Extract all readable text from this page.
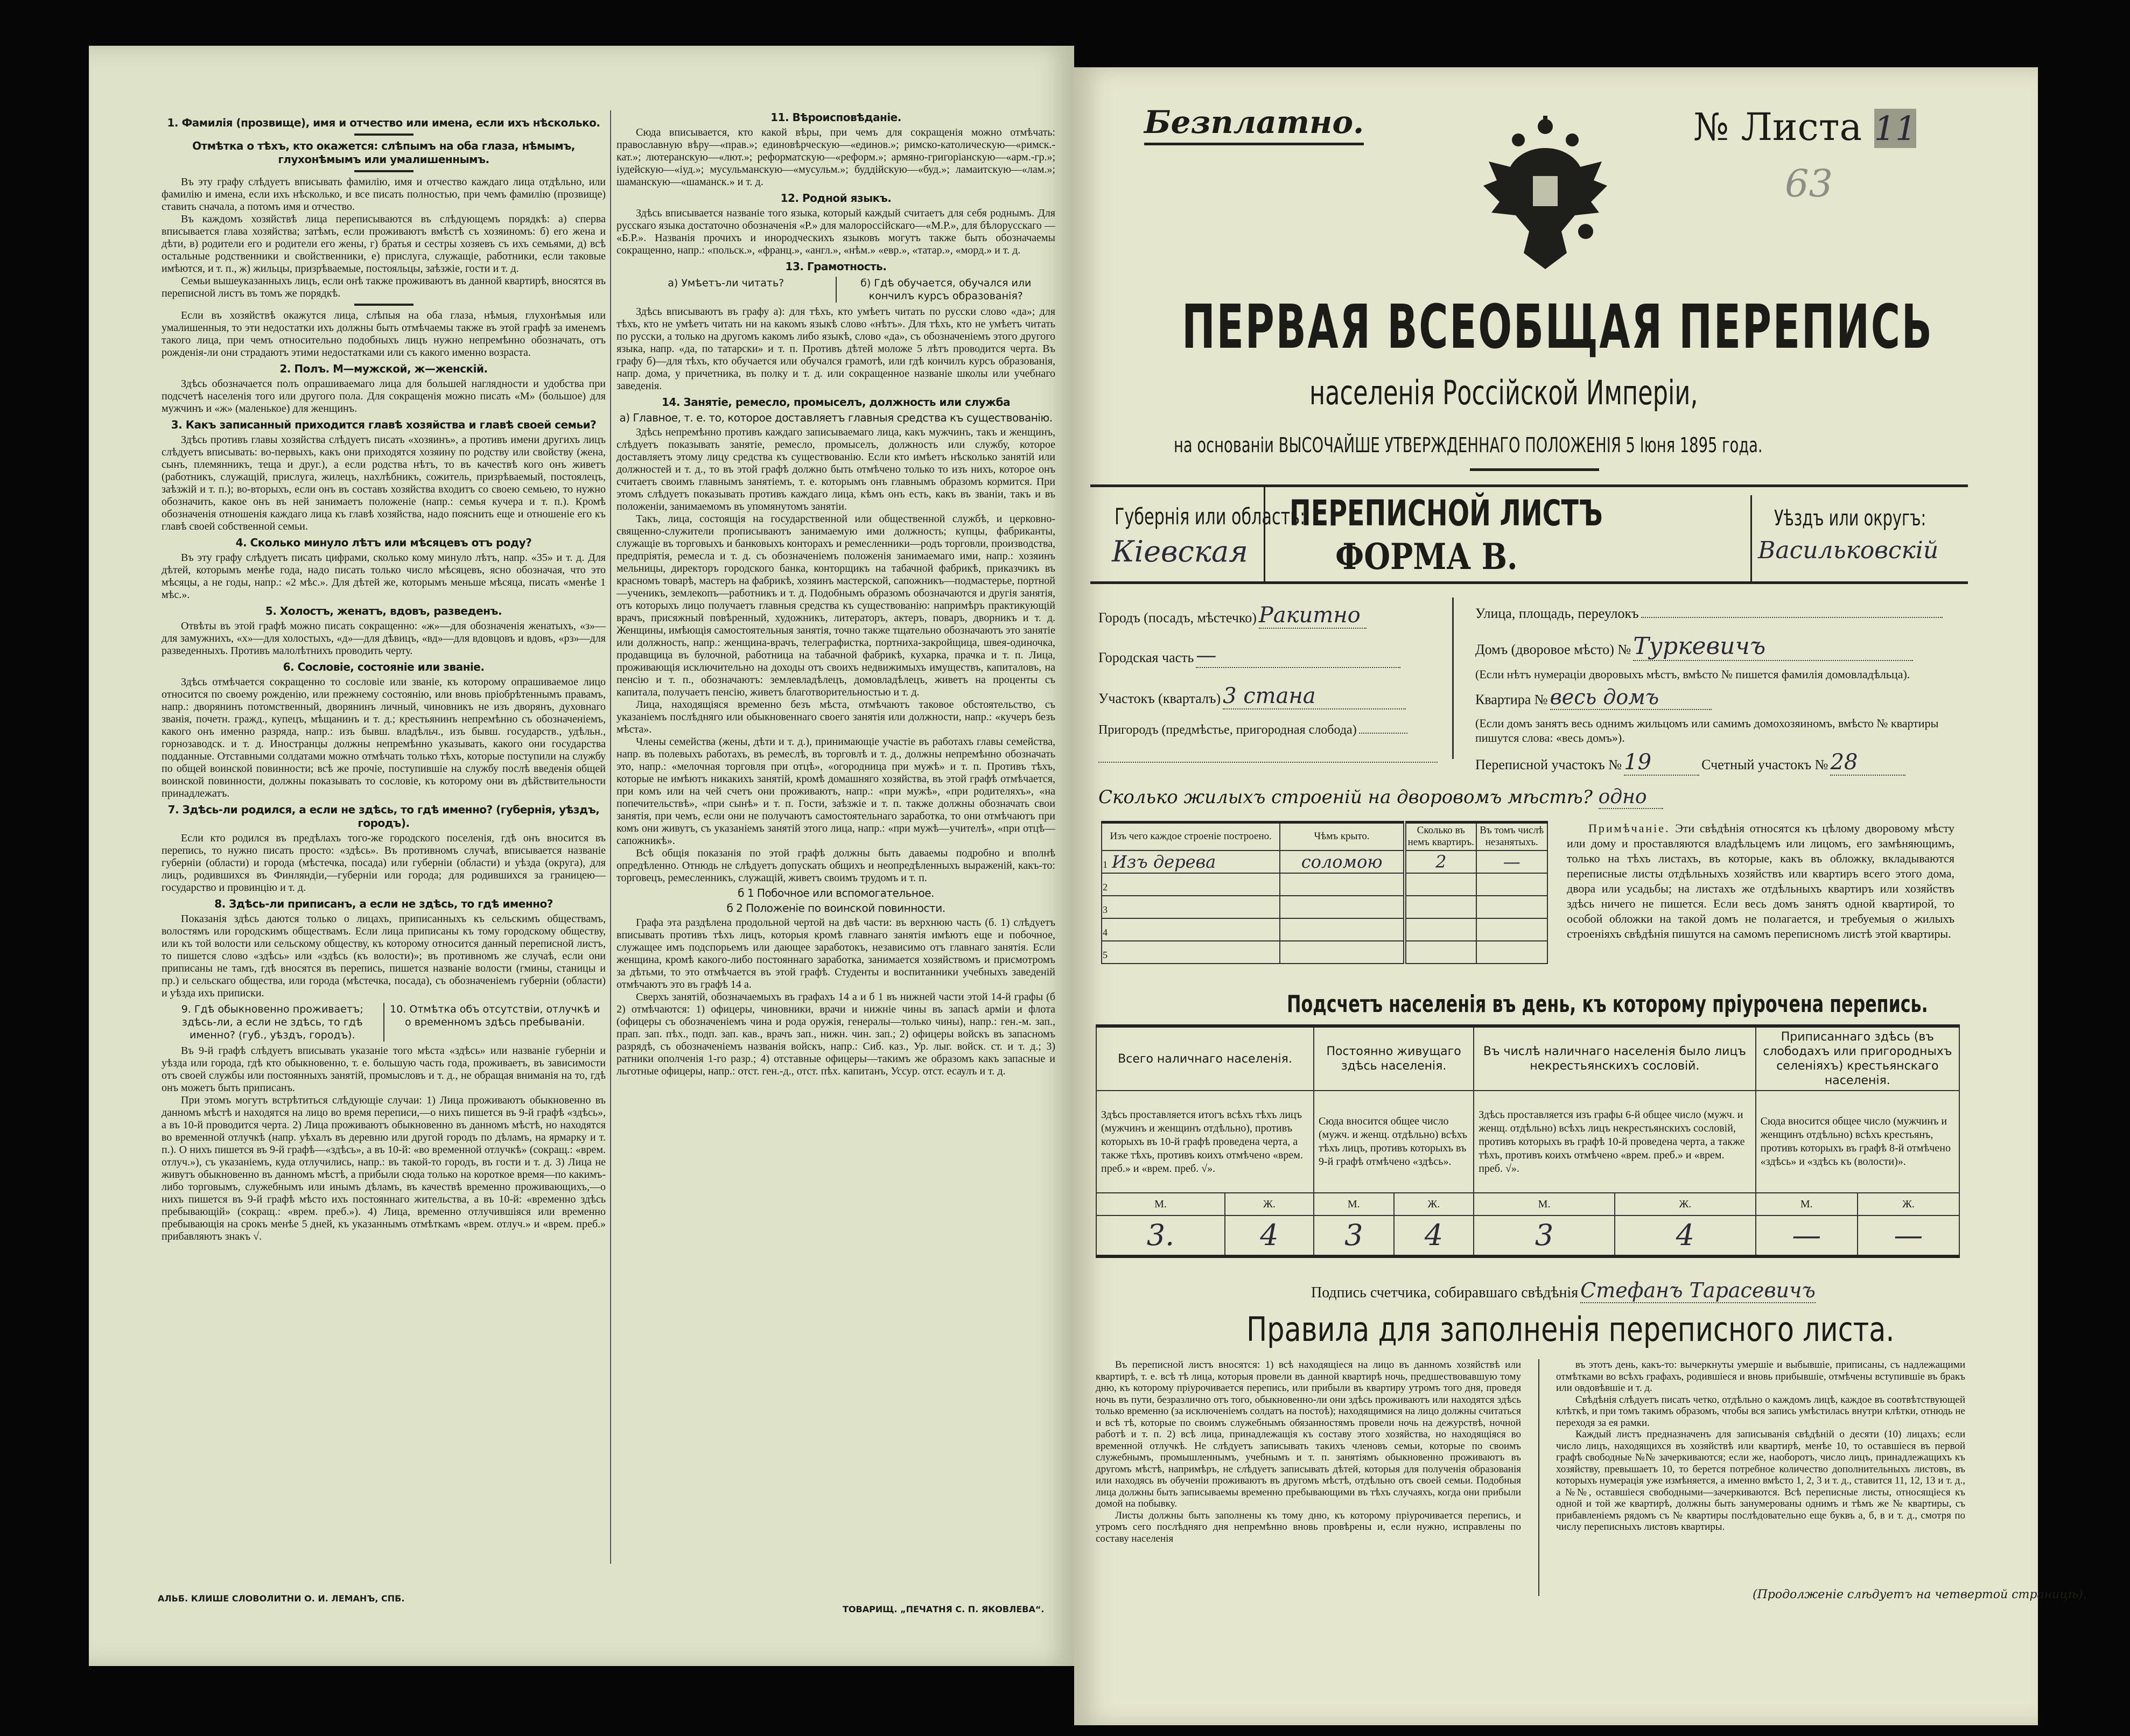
1. Фамилія (прозвище), имя и отчество или имена, если ихъ нѣсколько.
Отмѣтка о тѣхъ, кто окажется: слѣпымъ на оба глаза, нѣмымъ, глухонѣмымъ или умалишеннымъ.

Въ эту графу слѣдуетъ вписывать фамилію, имя и отчество каждаго лица отдѣльно, или фамилію и имена, если ихъ нѣсколько, и все писать полностью, при чемъ фамилію (прозвище) ставить сначала, а потомъ имя и отчество.

Въ каждомъ хозяйствѣ лица переписываются въ слѣдующемъ порядкѣ: а) сперва вписывается глава хозяйства; затѣмъ, если проживаютъ вмѣстѣ съ хозяиномъ: б) его жена и дѣти, в) родители его и родители его жены, г) братья и сестры хозяевъ съ ихъ семьями, д) всѣ остальные родственники и свойственники, е) прислуга, служащіе, работники, если таковые имѣются, и т. п., ж) жильцы, призрѣваемые, постояльцы, заѣзжіе, гости и т. д.

Семьи вышеуказанныхъ лицъ, если онѣ также проживаютъ въ данной квартирѣ, вносятся въ переписной листъ въ томъ же порядкѣ.

Если въ хозяйствѣ окажутся лица, слѣпыя на оба глаза, нѣмыя, глухонѣмыя или умалишенныя, то эти недостатки ихъ должны быть отмѣчаемы также въ этой графѣ за именемъ такого лица, при чемъ относительно подобныхъ лицъ нужно непремѣнно обозначать, отъ рожденія-ли они страдаютъ этими недостатками или съ какого именно возраста.

2. Полъ. М—мужской, ж—женскій.

Здѣсь обозначается полъ опрашиваемаго лица для большей наглядности и удобства при подсчетѣ населенія того или другого пола. Для сокращенія можно писать «М» (большое) для мужчинъ и «ж» (маленькое) для женщинъ.

3. Какъ записанный приходится главѣ хозяйства и главѣ своей семьи?

Здѣсь противъ главы хозяйства слѣдуетъ писать «хозяинъ», а противъ имени другихъ лицъ слѣдуетъ вписывать: во-первыхъ, какъ они приходятся хозяину по родству или свойству (жена, сынъ, племянникъ, теща и друг.), а если родства нѣтъ, то въ качествѣ кого онъ живетъ (работникъ, служащій, прислуга, жилецъ, нахлѣбникъ, сожитель, призрѣваемый, постоялецъ, заѣзжій и т. п.); во-вторыхъ, если онъ въ составъ хозяйства входитъ со своею семьею, то нужно обозначить, какое онъ въ ней занимаетъ положеніе (напр.: семья кучера и т. п.). Кромѣ обозначенія отношенія каждаго лица къ главѣ хозяйства, надо пояснить еще и отношеніе его къ главѣ своей собственной семьи.

4. Сколько минуло лѣтъ или мѣсяцевъ отъ роду?

Въ эту графу слѣдуетъ писать цифрами, сколько кому минуло лѣтъ, напр. «35» и т. д. Для дѣтей, которымъ менѣе года, надо писать только число мѣсяцевъ, ясно обозначая, что это мѣсяцы, а не годы, напр.: «2 мѣс.». Для дѣтей же, которымъ меньше мѣсяца, писать «менѣе 1 мѣс.».

5. Холостъ, женатъ, вдовъ, разведенъ.

Отвѣты въ этой графѣ можно писать сокращенно: «ж»—для обозначенія женатыхъ, «з»—для замужнихъ, «х»—для холостыхъ, «д»—для дѣвицъ, «вд»—для вдовцовъ и вдовъ, «рз»—для разведенныхъ. Противъ малолѣтнихъ проводить черту.

6. Сословіе, состояніе или званіе.

Здѣсь отмѣчается сокращенно то сословіе или званіе, къ которому опрашиваемое лицо относится по своему рожденію, или прежнему состоянію, или вновь пріобрѣтеннымъ правамъ, напр.: дворянинъ потомственный, дворянинъ личный, чиновникъ не изъ дворянъ, духовнаго званія, почетн. гражд., купецъ, мѣщанинъ и т. д.; крестьянинъ непремѣнно съ обозначеніемъ, какого онъ именно разряда, напр.: изъ бывш. владѣльч., изъ бывш. государств., удѣльн., горнозаводск. и т. д. Иностранцы должны непремѣнно указывать, какого они государства подданные. Отставными солдатами можно отмѣчать только тѣхъ, которые поступили на службу по общей воинской повинности; всѣ же прочіе, поступившіе на службу послѣ введенія общей воинской повинности, должны показывать то сословіе, къ которому они въ дѣйствительности принадлежатъ.

7. Здѣсь-ли родился, а если не здѣсь, то гдѣ именно? (губернія, уѣздъ, городъ).

Если кто родился въ предѣлахъ того-же городского поселенія, гдѣ онъ вносится въ перепись, то нужно писать просто: «здѣсь». Въ противномъ случаѣ, вписывается названіе губерніи (области) и города (мѣстечка, посада) или губерніи (области) и уѣзда (округа), для лицъ, родившихся въ Финляндіи,—губерніи или города; для родившихся за границею—государство и провинцію и т. д.

8. Здѣсь-ли приписанъ, а если не здѣсь, то гдѣ именно?

Показанія здѣсь даются только о лицахъ, приписанныхъ къ сельскимъ обществамъ, волостямъ или городскимъ обществамъ. Если лица приписаны къ тому городскому обществу, или къ той волости или сельскому обществу, къ которому относится данный переписной листъ, то пишется слово «здѣсь» или «здѣсь (къ волости)»; въ противномъ же случаѣ, если они приписаны не тамъ, гдѣ вносятся въ перепись, пишется названіе волости (гмины, станицы и пр.) и сельскаго общества, или города (мѣстечка, посада), съ обозначеніемъ губерніи (области) и уѣзда ихъ приписки.

9. Гдѣ обыкновенно проживаетъ; здѣсь-ли, а если не здѣсь, то гдѣ именно? (губ., уѣздъ, городъ).
10. Отмѣтка объ отсутствіи, отлучкѣ и о временномъ здѣсь пребываніи.

Въ 9-й графѣ слѣдуетъ вписывать указаніе того мѣста «здѣсь» или названіе губерніи и уѣзда или города, гдѣ кто обыкновенно, т. е. большую часть года, проживаетъ, въ зависимости отъ своей службы или постоянныхъ занятій, промысловъ и т. д., не обращая вниманія на то, гдѣ онъ можетъ быть приписанъ.

При этомъ могутъ встрѣтиться слѣдующіе случаи: 1) Лица проживаютъ обыкновенно въ данномъ мѣстѣ и находятся на лицо во время переписи,—о нихъ пишется въ 9-й графѣ «здѣсь», а въ 10-й проводится черта. 2) Лица проживаютъ обыкновенно въ данномъ мѣстѣ, но находятся во временной отлучкѣ (напр. уѣхалъ въ деревню или другой городъ по дѣламъ, на ярмарку и т. п.). О нихъ пишется въ 9-й графѣ—«здѣсь», а въ 10-й: «во временной отлучкѣ» (сокращ.: «врем. отлуч.»), съ указаніемъ, куда отлучились, напр.: въ такой-то городъ, въ гости и т. д. 3) Лица не живутъ обыкновенно въ данномъ мѣстѣ, а прибыли сюда только на короткое время—по какимъ-либо торговымъ, служебнымъ или инымъ дѣламъ, въ качествѣ временно проживающихъ,—о нихъ пишется въ 9-й графѣ мѣсто ихъ постояннаго жительства, а въ 10-й: «временно здѣсь пребывающій» (сокращ.: «врем. преб.»). 4) Лица, временно отлучившіяся или временно пребывающія на срокъ менѣе 5 дней, къ указаннымъ отмѣткамъ «врем. отлуч.» и «врем. преб.» прибавляютъ знакъ √.

11. Вѣроисповѣданіе.

Сюда вписывается, кто какой вѣры, при чемъ для сокращенія можно отмѣчать: православную вѣру—«прав.»; единовѣрческую—«единов.»; римско-католическую—«римск.-кат.»; лютеранскую—«лют.»; реформатскую—«реформ.»; армяно-григоріанскую—«арм.-гр.»; іудейскую—«іуд.»; мусульманскую—«мусульм.»; буддійскую—«буд.»; ламаитскую—«лам.»; шаманскую—«шаманск.» и т. д.

12. Родной языкъ.

Здѣсь вписывается названіе того языка, который каждый считаетъ для себя роднымъ. Для русскаго языка достаточно обозначенія «Р.» для малороссійскаго—«М.Р.», для бѣлорусскаго — «Б.Р.». Названія прочихъ и инородческихъ языковъ могутъ также быть обозначаемы сокращенно, напр.: «польск.», «франц.», «англ.», «нѣм.» «евр.», «татар.», «морд.» и т. д.

13. Грамотность.
а) Умѣетъ-ли читать?	б) Гдѣ обучается, обучался или кончилъ курсъ образованія?

Здѣсь вписываютъ въ графу а): для тѣхъ, кто умѣетъ читать по русски слово «да»; для тѣхъ, кто не умѣетъ читать ни на какомъ языкѣ слово «нѣтъ». Для тѣхъ, кто не умѣетъ читать по русски, а только на другомъ какомъ либо языкѣ, слово «да», съ обозначеніемъ этого другого языка, напр. «да, по татарски» и т. п. Противъ дѣтей моложе 5 лѣтъ проводится черта. Въ графу б)—для тѣхъ, кто обучается или обучался грамотѣ, или гдѣ кончилъ курсъ образованія, напр. дома, у причетника, въ полку и т. д. или сокращенное названіе школы или учебнаго заведенія.

14. Занятіе, ремесло, промыселъ, должность или служба
а) Главное, т. е. то, которое доставляетъ главныя средства къ существованію.

Здѣсь непремѣнно противъ каждаго записываемаго лица, какъ мужчинъ, такъ и женщинъ, слѣдуетъ показывать занятіе, ремесло, промыселъ, должность или службу, которое доставляетъ этому лицу средства къ существованію. Если кто имѣетъ нѣсколько занятій или должностей и т. д., то въ этой графѣ должно быть отмѣчено только то изъ нихъ, которое онъ считаетъ своимъ главнымъ занятіемъ, т. е. которымъ онъ главнымъ образомъ кормится. При этомъ слѣдуетъ показывать противъ каждаго лица, кѣмъ онъ есть, какъ въ званіи, такъ и въ положеніи, занимаемомъ въ упомянутомъ занятіи.

Такъ, лица, состоящія на государственной или общественной службѣ, и церковно-священно-служители прописываютъ занимаемую ими должность; купцы, фабриканты, служащіе въ торговыхъ и банковыхъ конторахъ и ремесленники—родъ торговли, производства, предпріятія, ремесла и т. д. съ обозначеніемъ положенія занимаемаго ими, напр.: хозяинъ мельницы, директоръ городского банка, конторщикъ на табачной фабрикѣ, приказчикъ въ красномъ товарѣ, мастеръ на фабрикѣ, хозяинъ мастерской, сапожникъ—подмастерье, портной—ученикъ, землекопъ—работникъ и т. д. Подобнымъ образомъ обозначаются и другія занятія, отъ которыхъ лицо получаетъ главныя средства къ существованію: напримѣръ практикующій врачъ, присяжный повѣренный, художникъ, литераторъ, актеръ, поваръ, дворникъ и т. д. Женщины, имѣющія самостоятельныя занятія, точно также тщательно обозначаютъ это занятіе или должность, напр.: женщина-врачъ, телеграфистка, портниха-закройщица, швея-одиночка, продавщица въ булочной, работница на табачной фабрикѣ, кухарка, прачка и т. п. Лица, проживающія исключительно на доходы отъ своихъ недвижимыхъ имуществъ, капиталовъ, на пенсію и т. п., обозначаютъ: землевладѣлецъ, домовладѣлецъ, живетъ на проценты съ капитала, получаетъ пенсію, живетъ благотворительностью и т. д.

Лица, находящіяся временно безъ мѣста, отмѣчаютъ таковое обстоятельство, съ указаніемъ послѣдняго или обыкновеннаго своего занятія или должности, напр.: «кучеръ безъ мѣста».

Члены семейства (жены, дѣти и т. д.), принимающіе участіе въ работахъ главы семейства, напр. въ полевыхъ работахъ, въ ремеслѣ, въ торговлѣ и т. д., должны непремѣнно обозначать это, напр.: «мелочная торговля при отцѣ», «огородница при мужѣ» и т. п. Противъ тѣхъ, которые не имѣютъ никакихъ занятій, кромѣ домашняго хозяйства, въ этой графѣ отмѣчается, при комъ или на чей счетъ они проживаютъ, напр.: «при мужѣ», «при родителяхъ», «на попечительствѣ», «при сынѣ» и т. п. Гости, заѣзжіе и т. п. также должны обозначать свои занятія, при чемъ, если они не получаютъ самостоятельнаго заработка, то они отмѣчаютъ при комъ они живутъ, съ указаніемъ занятій этого лица, напр.: «при мужѣ—учителѣ», «при отцѣ—сапожникѣ».

Всѣ общія показанія по этой графѣ должны быть даваемы подробно и вполнѣ опредѣленно. Отнюдь не слѣдуетъ допускать общихъ и неопредѣленныхъ выраженій, какъ-то: торговецъ, ремесленникъ, служащій, живетъ своимъ трудомъ и т. п.

б 1 Побочное или вспомогательное.
б 2 Положеніе по воинской повинности.

Графа эта раздѣлена продольной чертой на двѣ части: въ верхнюю часть (б. 1) слѣдуетъ вписывать противъ тѣхъ лицъ, которыя кромѣ главнаго занятія имѣютъ еще и побочное, служащее имъ подспорьемъ или дающее заработокъ, независимо отъ главнаго занятія. Если женщина, кромѣ какого-либо постояннаго заработка, занимается хозяйствомъ и присмотромъ за дѣтьми, то это отмѣчается въ этой графѣ. Студенты и воспитанники учебныхъ заведеній отмѣчаютъ это въ графѣ 14 а.

Сверхъ занятій, обозначаемыхъ въ графахъ 14 а и б 1 въ нижней части этой 14-й графы (б 2) отмѣчаются: 1) офицеры, чиновники, врачи и нижніе чины въ запасѣ арміи и флота (офицеры съ обозначеніемъ чина и рода оружія, генералы—только чины), напр.: ген.-м. зап., прап. зап. пѣх., подп. зап. кав., врачъ зап., нижн. чин. зап.; 2) офицеры войскъ въ запасномъ разрядѣ, съ обозначеніемъ названія войскъ, напр.: Сиб. каз., Ур. лыг. войск. ст. и т. д.; 3) ратники ополченія 1-го разр.; 4) отставные офицеры—такимъ же образомъ какъ запасные и льготные офицеры, напр.: отст. ген.-д., отст. пѣх. капитанъ, Уссур. отст. есаулъ и т. д.

АЛЬБ. КЛИШЕ СЛОВОЛИТНИ О. И. ЛЕМАНЪ, СПБ.
ТОВАРИЩ. „ПЕЧАТНЯ С. П. ЯКОВЛЕВА“.
Безплатно.	№ Листа 11
63
ПЕРВАЯ ВСЕОБЩАЯ ПЕРЕПИСЬ
населенія Россійской Имперіи,
на основаніи ВЫСОЧАЙШЕ УТВЕРЖДЕННАГО ПОЛОЖЕНІЯ 5 Іюня 1895 года.
Губернія или область:
Кіевская
ПЕРЕПИСНОЙ ЛИСТЪ
ФОРМА В.
Уѣздъ или округъ:
Васильковскій
Городъ (посадъ, мѣстечко) Ракитно
Городская часть —
Участокъ (кварталъ) 3 стана
Пригородъ (предмѣстье, пригородная слобода)
Улица, площадь, переулокъ
Домъ (дворовое мѣсто) № Туркевичъ
(Если нѣтъ нумераціи дворовыхъ мѣстъ, вмѣсто № пишется фамилія домовладѣльца).
Квартира № весь домъ
(Если домъ занятъ весь однимъ жильцомъ или самимъ домохозяиномъ, вмѣсто № квартиры пишутся слова: «весь домъ»).
Переписной участокъ № 19	Счетный участокъ № 28
Сколько жилыхъ строеній на дворовомъ мѣстѣ? одно
Изъ чего каждое строеніе построено.	Чѣмъ крыто.	Сколько въ немъ квартиръ.	Въ томъ числѣ незанятыхъ.
1 Изъ дерева	соломою	2	—
2			
3			
4			
5			
Примѣчаніе. Эти свѣдѣнія относятся къ цѣлому дворовому мѣсту или дому и проставляются владѣльцемъ или лицомъ, его замѣняющимъ, только на тѣхъ листахъ, въ которые, какъ въ обложку, вкладываются переписные листы отдѣльныхъ хозяйствъ или квартиръ всего этого дома, двора или усадьбы; на листахъ же отдѣльныхъ квартиръ или хозяйствъ здѣсь ничего не пишется. Если весь домъ занятъ одной квартирой, то особой обложки на такой домъ не полагается, и требуемыя о жилыхъ строеніяхъ свѣдѣнія пишутся на самомъ переписномъ листѣ этой квартиры.
Подсчетъ населенія въ день, къ которому пріурочена перепись.
Всего наличнаго населенія.		Постоянно живущаго здѣсь населенія.		Въ числѣ наличнаго населенія было лицъ некрестьянскихъ сословій.		Приписаннаго здѣсь (въ слободахъ или пригородныхъ селеніяхъ) крестьянскаго населенія.	
Здѣсь проставляется итогъ всѣхъ тѣхъ лицъ (мужчинъ и женщинъ отдѣльно), противъ которыхъ въ 10-й графѣ проведена черта, а также тѣхъ, противъ коихъ отмѣчено «врем. преб.» и «врем. преб. √».		Сюда вносится общее число (мужч. и женщ. отдѣльно) всѣхъ тѣхъ лицъ, противъ которыхъ въ 9-й графѣ отмѣчено «здѣсь».		Здѣсь проставляется изъ графы 6-й общее число (мужч. и женщ. отдѣльно) всѣхъ лицъ некрестьянскихъ сословій, противъ которыхъ въ графѣ 10-й проведена черта, а также тѣхъ, противъ коихъ отмѣчено «врем. преб.» и «врем. преб. √».		Сюда вносится общее число (мужчинъ и женщинъ отдѣльно) всѣхъ крестьянъ, противъ которыхъ въ графѣ 8-й отмѣчено «здѣсь» и «здѣсь къ (волости)».	
М.	Ж.	М.	Ж.	М.	Ж.	М.	Ж.
3.	4	3	4	3	4	—	—
Подпись счетчика, собиравшаго свѣдѣнія Стефанъ Тарасевичъ
Правила для заполненія переписного листа.

Въ переписной листъ вносятся: 1) всѣ находящіеся на лицо въ данномъ хозяйствѣ или квартирѣ, т. е. всѣ тѣ лица, которыя провели въ данной квартирѣ ночь, предшествовавшую тому дню, къ которому пріурочивается перепись, или прибыли въ квартиру утромъ того дня, проведя ночь въ пути, безразлично отъ того, обыкновенно-ли они здѣсь проживаютъ или находятся здѣсь только временно (за исключеніемъ солдатъ на постоѣ); находящимися на лицо должны считаться и всѣ тѣ, которые по своимъ служебнымъ обязанностямъ провели ночь на дежурствѣ, ночной работѣ и т. п. 2) всѣ лица, принадлежащія къ составу этого хозяйства, но находящіяся во временной отлучкѣ. Не слѣдуетъ записывать такихъ членовъ семьи, которые по своимъ служебнымъ, промышленнымъ, учебнымъ и т. п. занятіямъ обыкновенно проживаютъ въ другомъ мѣстѣ, напримѣръ, не слѣдуетъ записывать дѣтей, которыя для полученія образованія или находясь въ обученіи проживаютъ въ другомъ мѣстѣ, отдѣльно отъ своей семьи. Подобныя лица должны быть записываемы временно пребывающими въ тѣхъ случаяхъ, когда они прибыли домой на побывку.

Листы должны быть заполнены къ тому дню, къ которому пріурочивается перепись, и утромъ сего послѣдняго дня непремѣнно вновь провѣрены и, если нужно, исправлены по составу населенія

въ этотъ день, какъ-то: вычеркнуты умершіе и выбывшіе, приписаны, съ надлежащими отмѣтками во всѣхъ графахъ, родившіеся и вновь прибывшіе, отмѣчены вступившіе въ бракъ или овдовѣвшіе и т. д.

Свѣдѣнія слѣдуетъ писать четко, отдѣльно о каждомъ лицѣ, каждое въ соотвѣтствующей клѣткѣ, и при томъ такимъ образомъ, чтобы вся запись умѣстилась внутри клѣтки, отнюдь не переходя за ея рамки.

Каждый листъ предназначенъ для записыванія свѣдѣній о десяти (10) лицахъ; если число лицъ, находящихся въ хозяйствѣ или квартирѣ, менѣе 10, то оставшіеся въ первой графѣ свободные №№ зачеркиваются; если же, наоборотъ, число лицъ, принадлежащихъ къ хозяйству, превышаетъ 10, то берется потребное количество дополнительныхъ листовъ, въ которыхъ нумерація уже измѣняется, а именно вмѣсто 1, 2, 3 и т. д., ставится 11, 12, 13 и т. д., а №№, оставшіеся свободными—зачеркиваются. Всѣ переписные листы, относящіеся къ одной и той же квартирѣ, должны быть занумерованы однимъ и тѣмъ же № квартиры, съ прибавленіемъ рядомъ съ № квартиры послѣдовательно еще буквъ а, б, в и т. д., смотря по числу переписныхъ листовъ квартиры.

(Продолженіе слѣдуетъ на четвертой страницѣ).
